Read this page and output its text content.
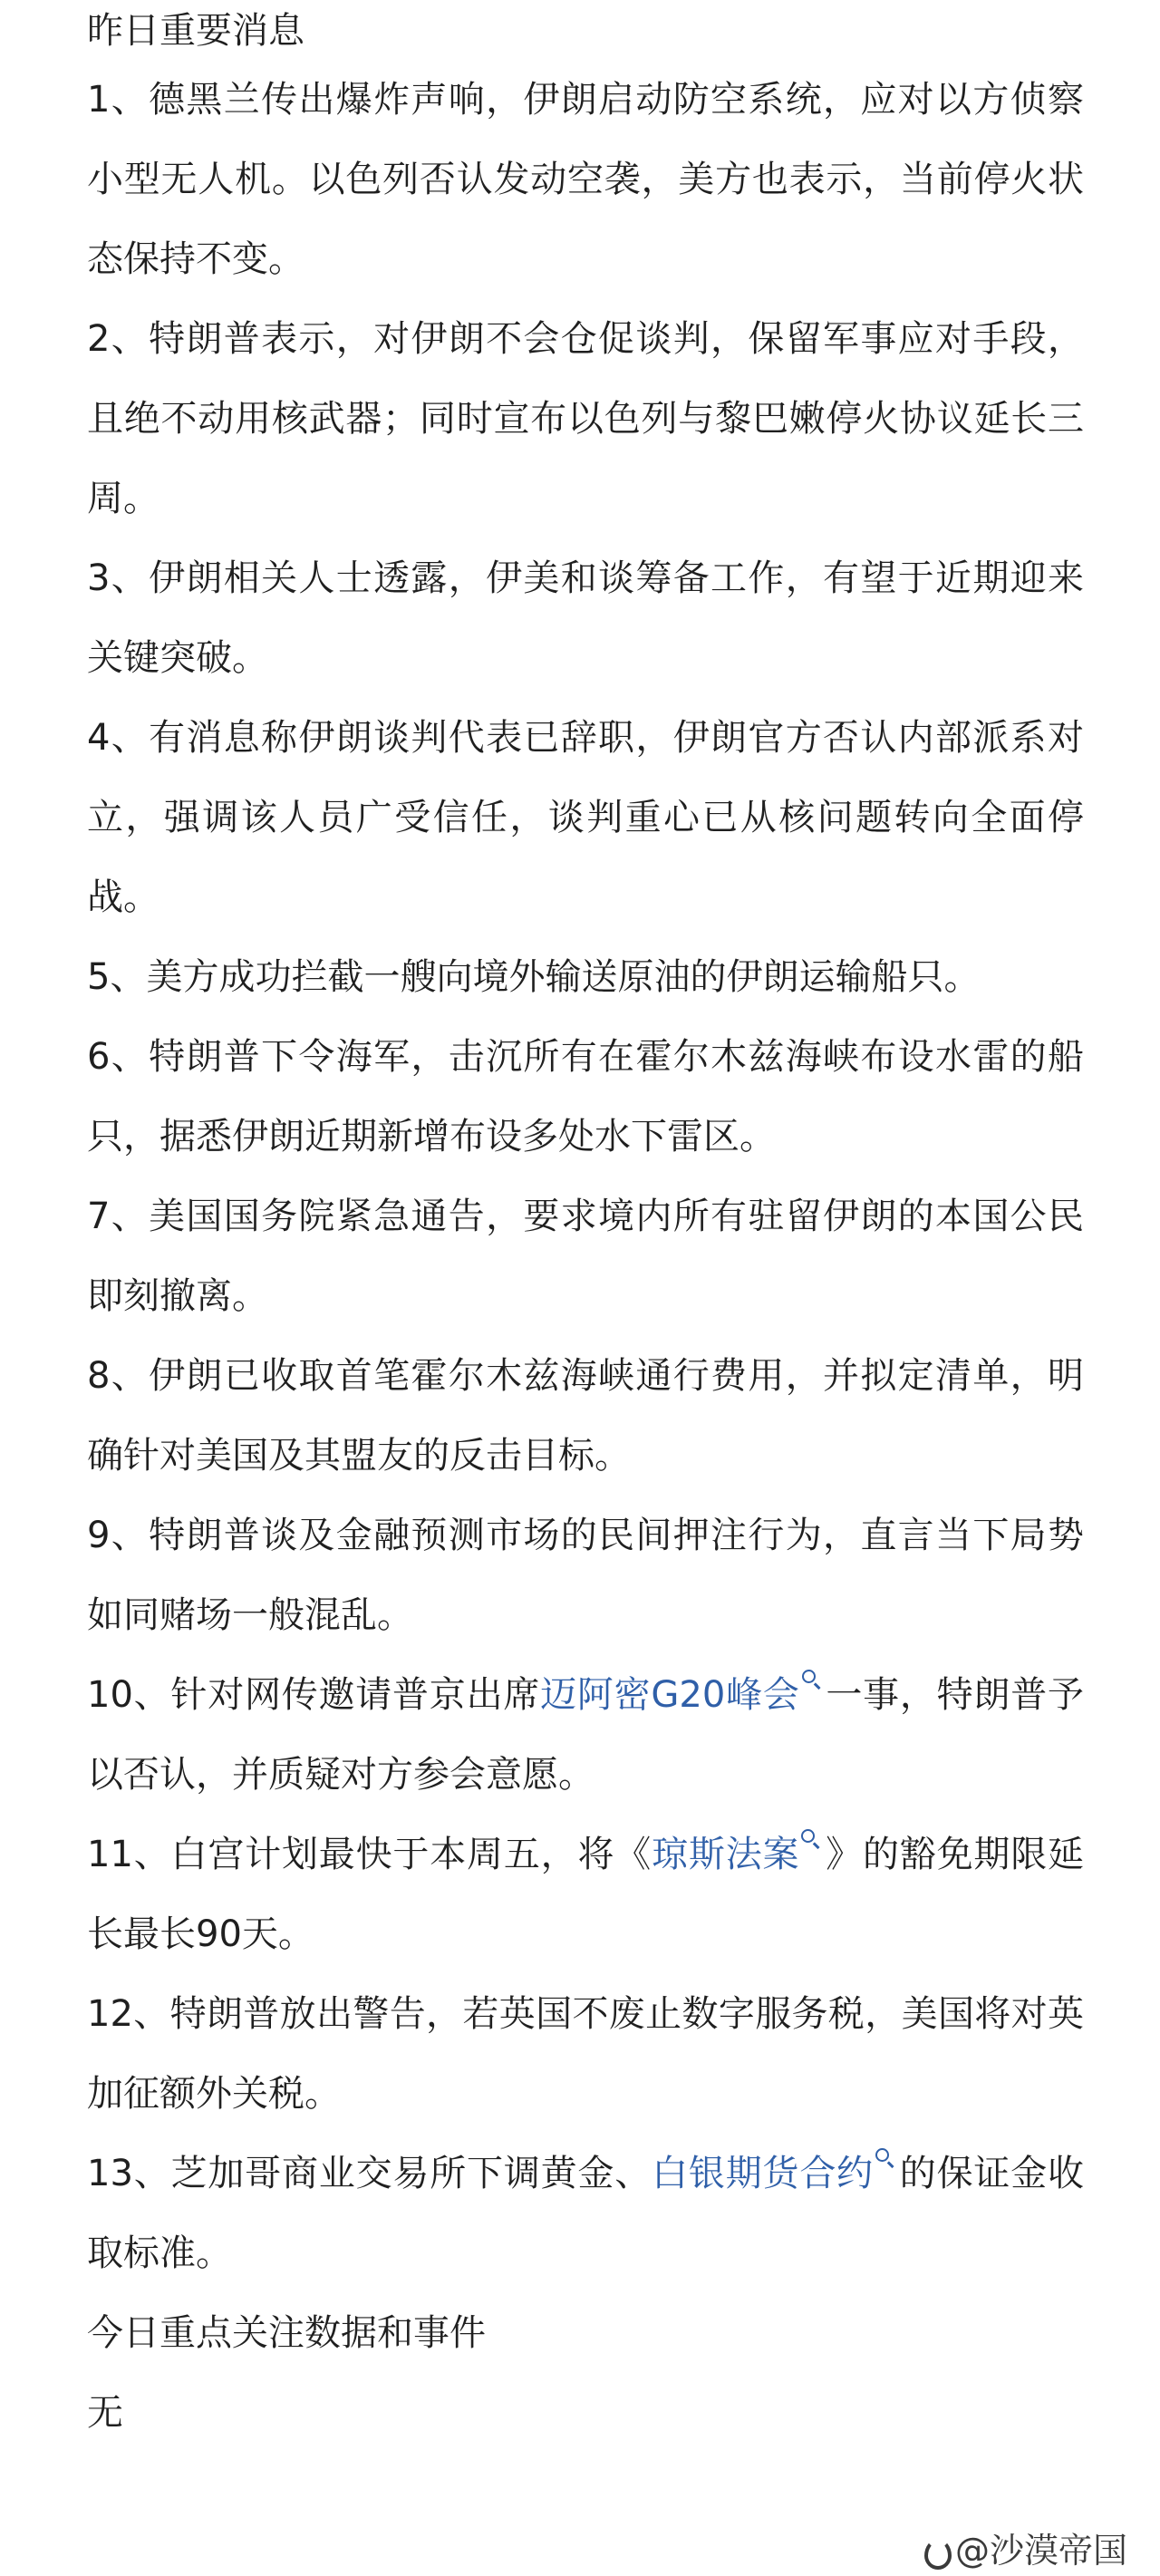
昨日重要消息

1、德黑兰传出爆炸声响，伊朗启动防空系统，应对以方侦察小型无人机。以色列否认发动空袭，美方也表示，当前停火状态保持不变。

2、特朗普表示，对伊朗不会仓促谈判，保留军事应对手段，且绝不动用核武器；同时宣布以色列与黎巴嫩停火协议延长三周。

3、伊朗相关人士透露，伊美和谈筹备工作，有望于近期迎来关键突破。

4、有消息称伊朗谈判代表已辞职，伊朗官方否认内部派系对立，强调该人员广受信任，谈判重心已从核问题转向全面停战。

5、美方成功拦截一艘向境外输送原油的伊朗运输船只。

6、特朗普下令海军，击沉所有在霍尔木兹海峡布设水雷的船只，据悉伊朗近期新增布设多处水下雷区。

7、美国国务院紧急通告，要求境内所有驻留伊朗的本国公民即刻撤离。

8、伊朗已收取首笔霍尔木兹海峡通行费用，并拟定清单，明确针对美国及其盟友的反击目标。

9、特朗普谈及金融预测市场的民间押注行为，直言当下局势如同赌场一般混乱。

10、针对网传邀请普京出席迈阿密G20峰会 一事，特朗普予以否认，并质疑对方参会意愿。

11、白宫计划最快于本周五，将《琼斯法案 》的豁免期限延长最长90天。

12、特朗普放出警告，若英国不废止数字服务税，美国将对英加征额外关税。

13、芝加哥商业交易所下调黄金、白银期货合约 的保证金收取标准。

今日重点关注数据和事件

无

@沙漠帝国
